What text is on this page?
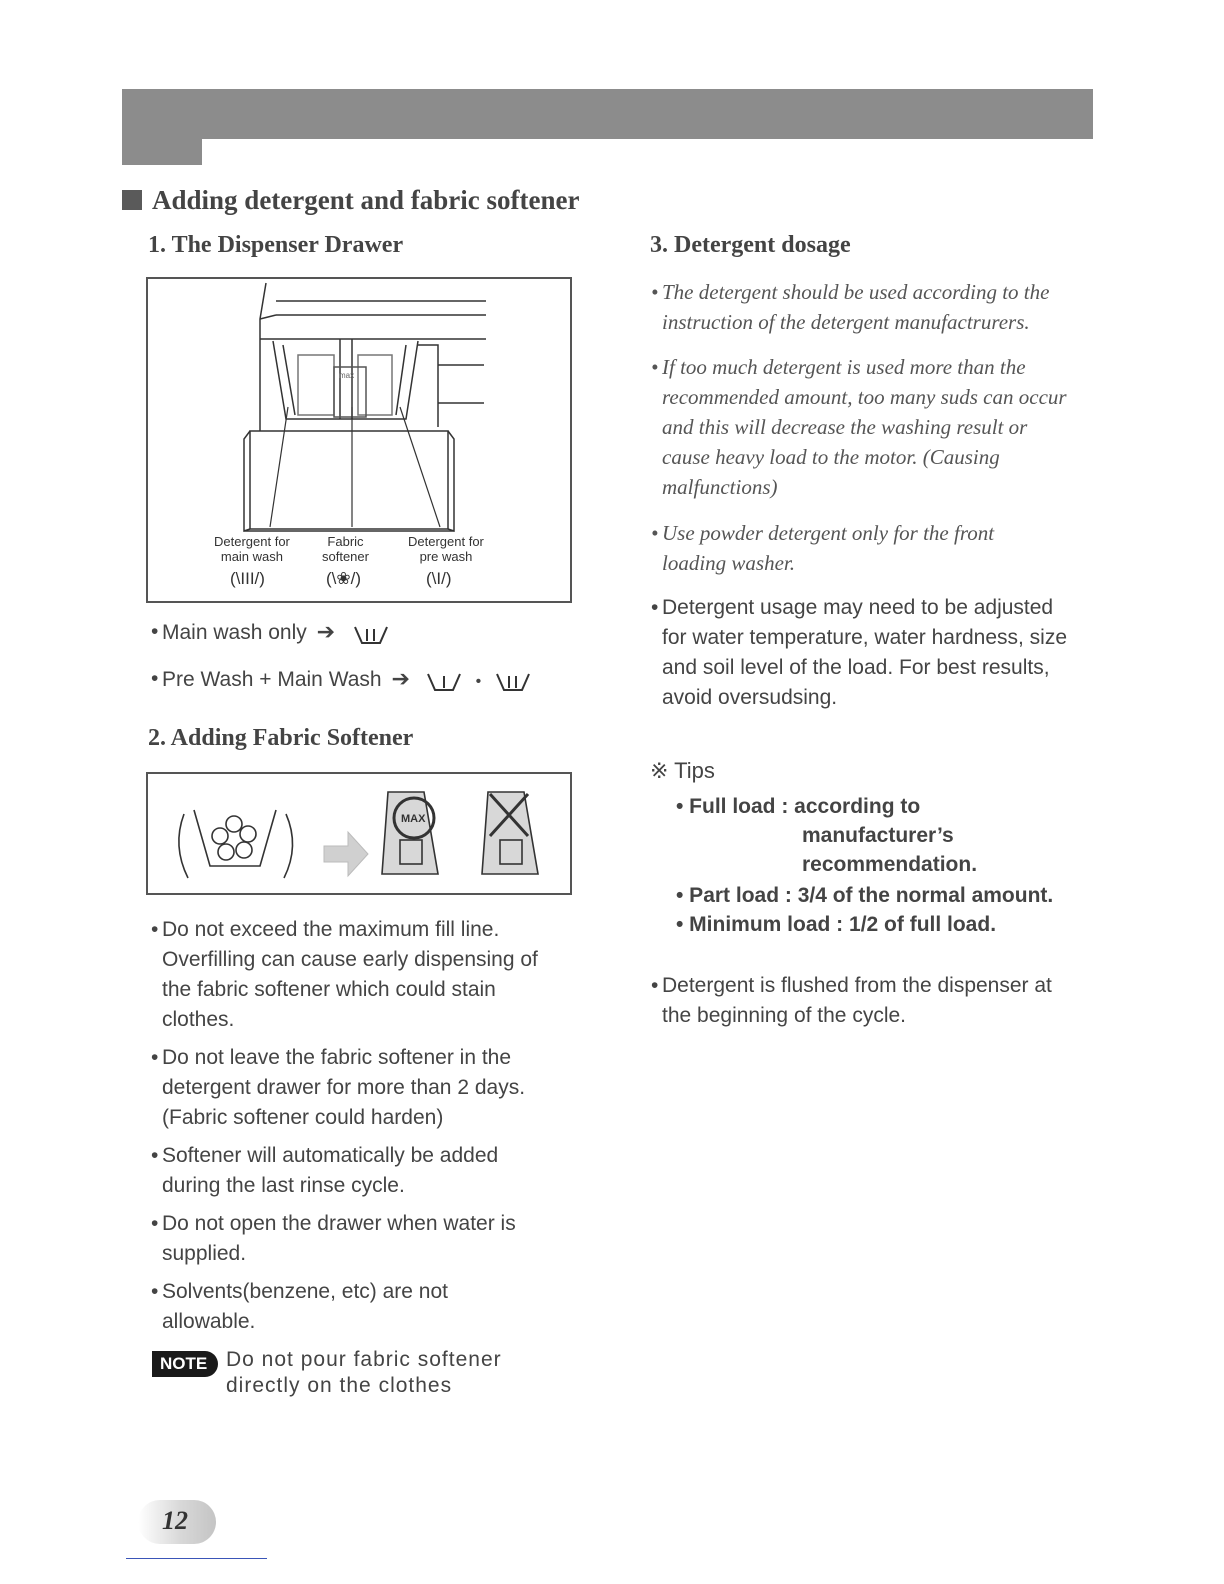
Adding detergent and fabric softener
1. The Dispenser Drawer
max
Detergent for
main wash
Fabric
softener
Detergent for
pre wash
(\III/)	(\❀/)	(\I/)
• Main wash only ➔
• Pre Wash + Main Wash ➔	•
2. Adding Fabric Softener
MAX
• Do not exceed the maximum fill line. Overfilling can cause early dispensing of the fabric softener which could stain clothes.
• Do not leave the fabric softener in the detergent drawer for more than 2 days. (Fabric softener could harden)
• Softener will automatically be added during the last rinse cycle.
• Do not open the drawer when water is supplied.
• Solvents(benzene, etc) are not allowable.
NOTE Do not pour fabric softener
directly on the clothes
3. Detergent dosage
• The detergent should be used according to the instruction of the detergent manufactrurers.
• If too much detergent is used more than the recommended amount, too many suds can occur and this will decrease the washing result or cause heavy load to the motor. (Causing malfunctions)
• Use powder detergent only for the front loading washer.
• Detergent usage may need to be adjusted for water temperature, water hardness, size and soil level of the load. For best results, avoid oversudsing.
※ Tips
• Full load : according to
manufacturer’s
recommendation.
• Part load : 3/4 of the normal amount.
• Minimum load : 1/2 of full load.
• Detergent is flushed from the dispenser at the beginning of the cycle.
12
